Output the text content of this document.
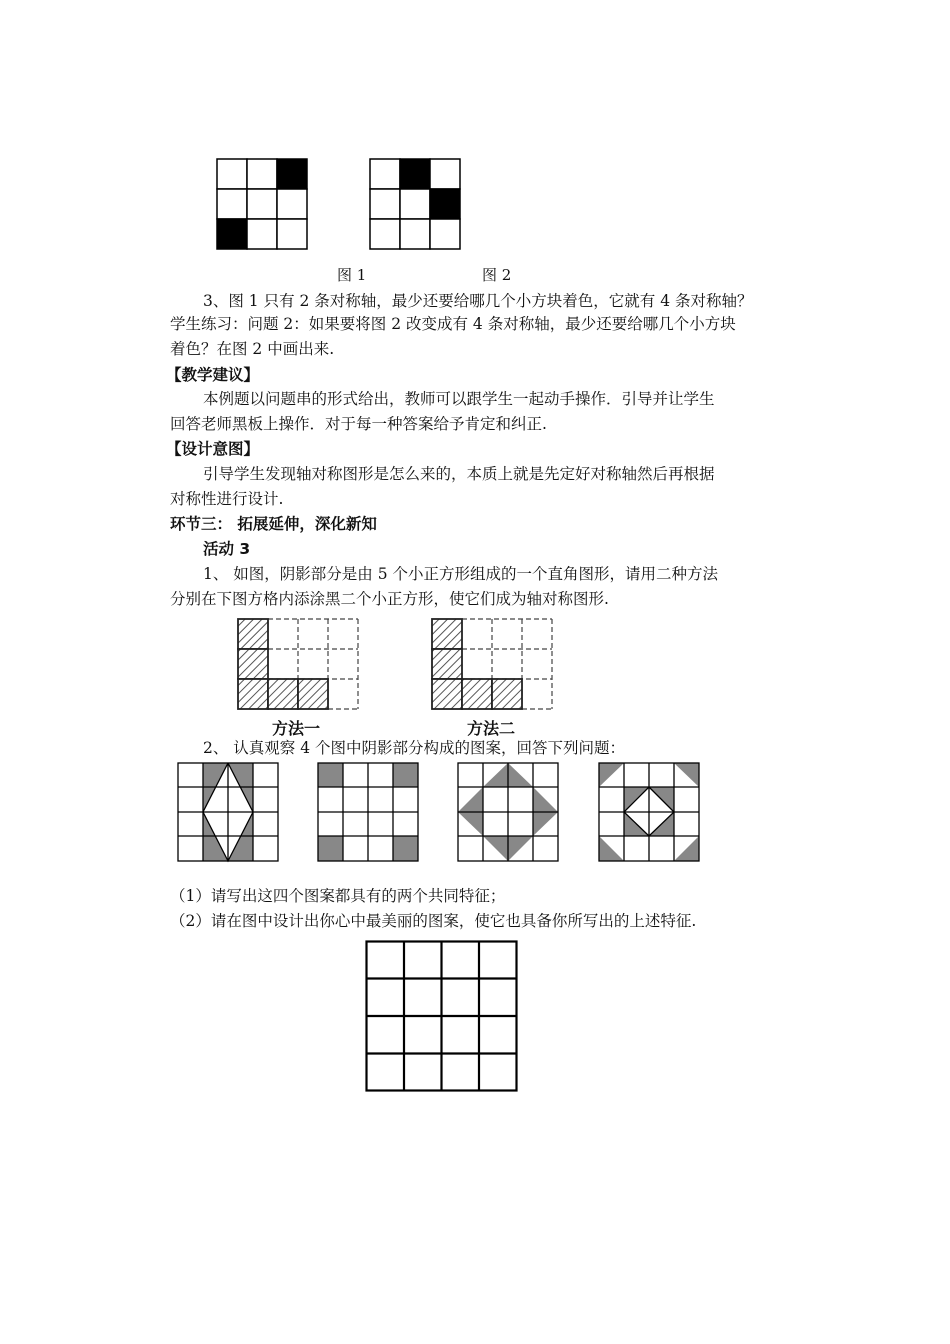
图 1	图 2
3、图 1 只有 2 条对称轴，最少还要给哪几个小方块着色，它就有 4 条对称轴？
学生练习：问题 2：如果要将图 2 改变成有 4 条对称轴，最少还要给哪几个小方块
着色？在图 2 中画出来.
【教学建议】
本例题以问题串的形式给出，教师可以跟学生一起动手操作．引导并让学生
回答老师黑板上操作．对于每一种答案给予肯定和纠正.
【设计意图】
引导学生发现轴对称图形是怎么来的，本质上就是先定好对称轴然后再根据
对称性进行设计.
环节三： 拓展延伸，深化新知
活动 3
1、 如图，阴影部分是由 5 个小正方形组成的一个直角图形，请用二种方法
分别在下图方格内添涂黑二个小正方形，使它们成为轴对称图形.
方法一	方法二
2、 认真观察 4 个图中阴影部分构成的图案，回答下列问题：
（1）请写出这四个图案都具有的两个共同特征；
（2）请在图中设计出你心中最美丽的图案，使它也具备你所写出的上述特征.
